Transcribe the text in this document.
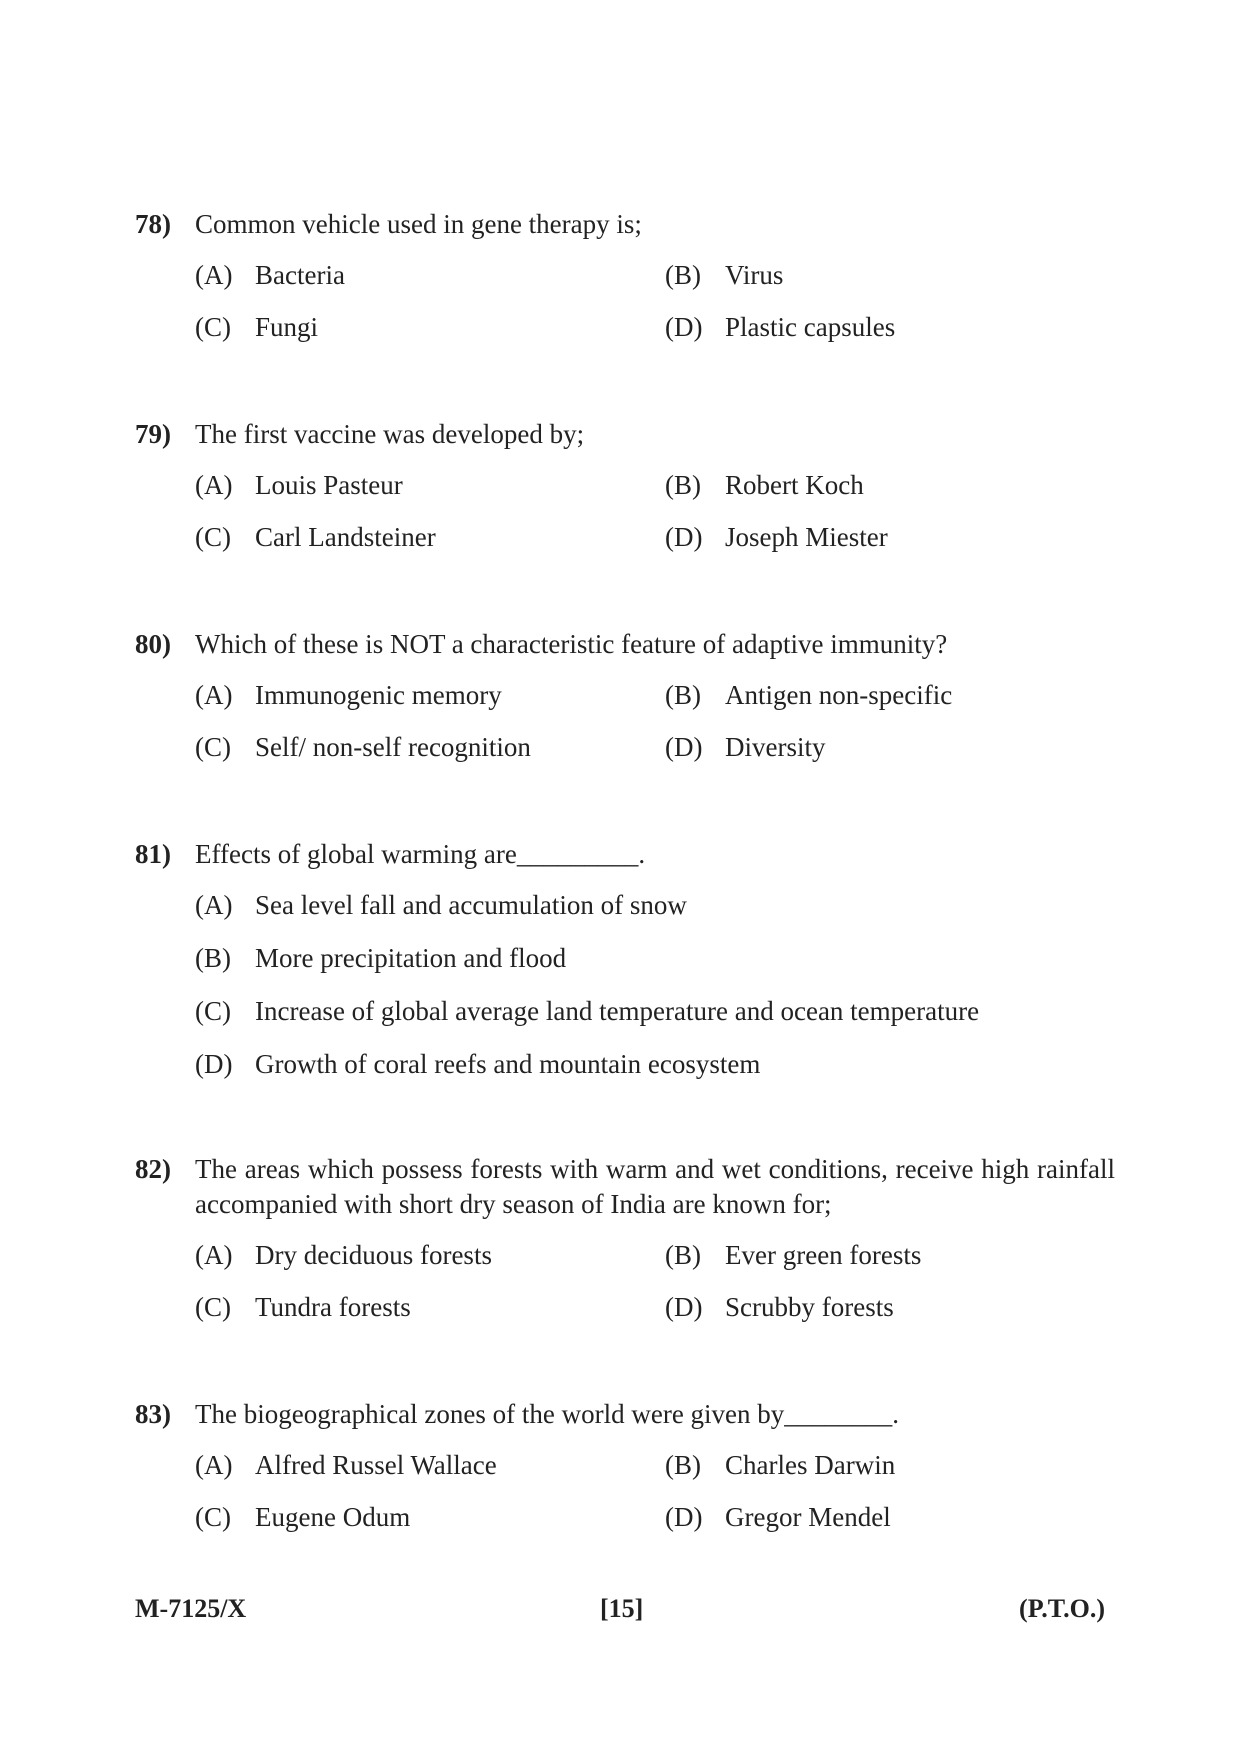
78) Common vehicle used in gene therapy is;
(A) Bacteria	(B) Virus
(C) Fungi	(D) Plastic capsules
79) The first vaccine was developed by;
(A) Louis Pasteur	(B) Robert Koch
(C) Carl Landsteiner	(D) Joseph Miester
80) Which of these is NOT a characteristic feature of adaptive immunity?
(A) Immunogenic memory	(B) Antigen non-specific
(C) Self/ non-self recognition	(D) Diversity
81) Effects of global warming are_________.
(A) Sea level fall and accumulation of snow
(B) More precipitation and flood
(C) Increase of global average land temperature and ocean temperature
(D) Growth of coral reefs and mountain ecosystem
82) The areas which possess forests with warm and wet conditions, receive high rainfall accompanied with short dry season of India are known for;
(A) Dry deciduous forests	(B) Ever green forests
(C) Tundra forests	(D) Scrubby forests
83) The biogeographical zones of the world were given by________.
(A) Alfred Russel Wallace	(B) Charles Darwin
(C) Eugene Odum	(D) Gregor Mendel
M-7125/X	[15]	(P.T.O.)
